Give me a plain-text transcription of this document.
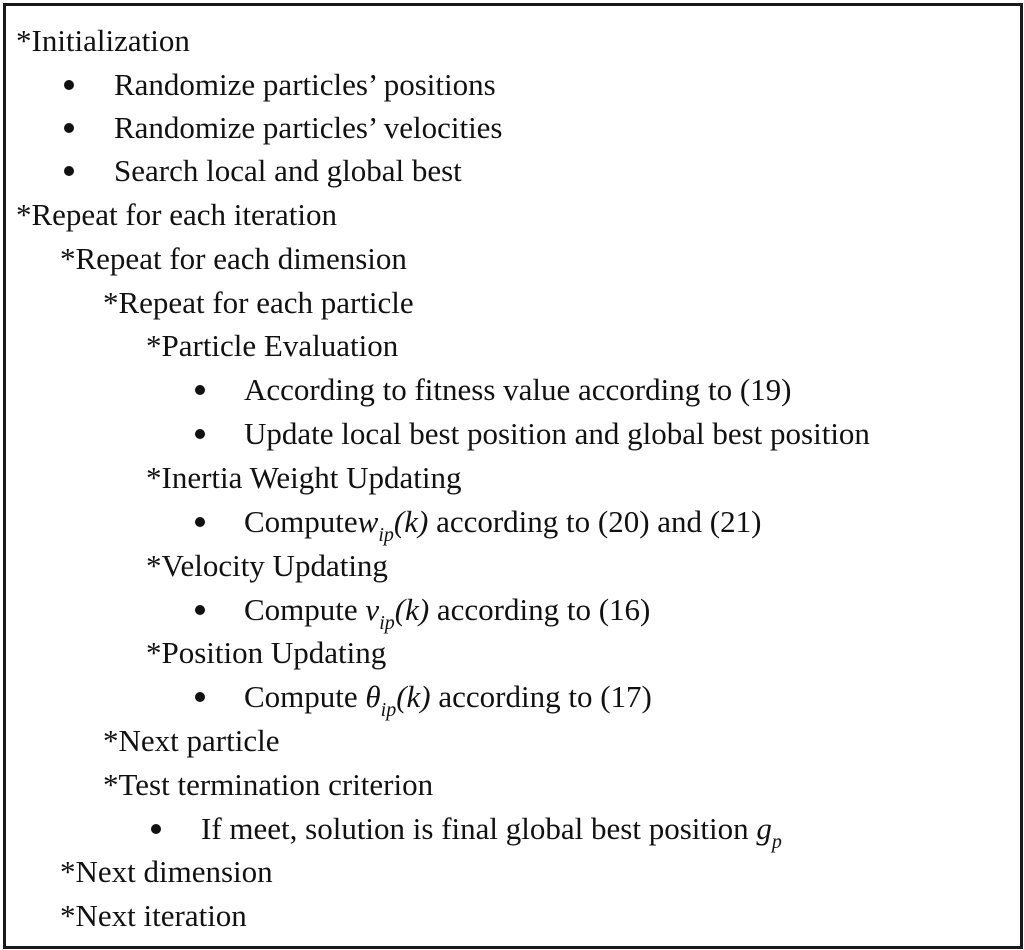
*Initialization
Randomize particles’ positions
Randomize particles’ velocities
Search local and global best
*Repeat for each iteration
*Repeat for each dimension
*Repeat for each particle
*Particle Evaluation
According to fitness value according to (19)
Update local best position and global best position
*Inertia Weight Updating
Computew$_{ip}$(k) according to (20) and (21)
*Velocity Updating
Compute $v_{ip}(k)$ according to (16)
*Position Updating
Compute $\theta_{ip}(k)$ according to (17)
*Next particle
*Test termination criterion
If meet, solution is final global best position $g_p$
*Next dimension
*Next iteration
